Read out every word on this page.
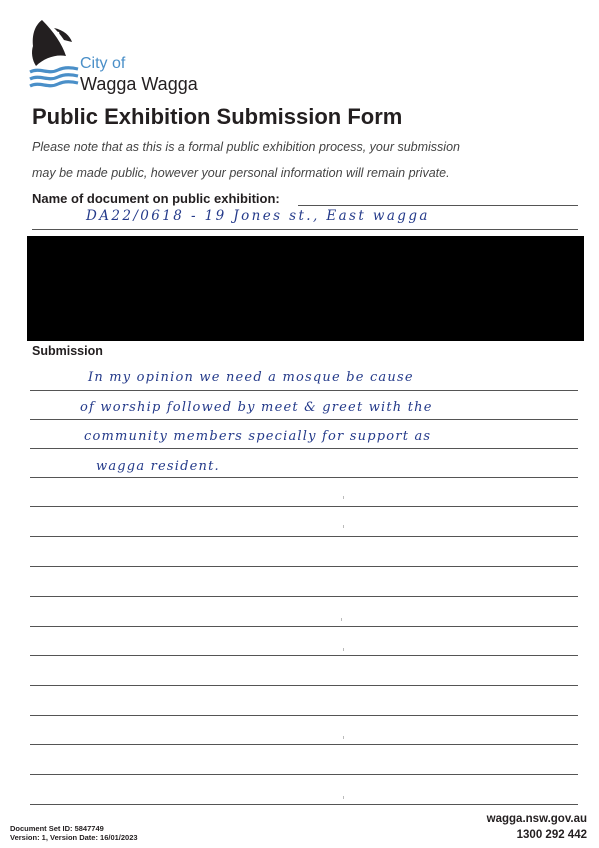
City of
Wagga Wagga
Public Exhibition Submission Form
Please note that as this is a formal public exhibition process, your submission
may be made public, however your personal information will remain private.
Name of document on public exhibition:
DA22/0618 - 19 Jones st., East wagga
Submission
In my opinion we need a mosque be cause
of worship followed by meet & greet with the
community members specially for support as
wagga resident.
Document Set ID: 5847749
Version: 1, Version Date: 16/01/2023
wagga.nsw.gov.au
1300 292 442
